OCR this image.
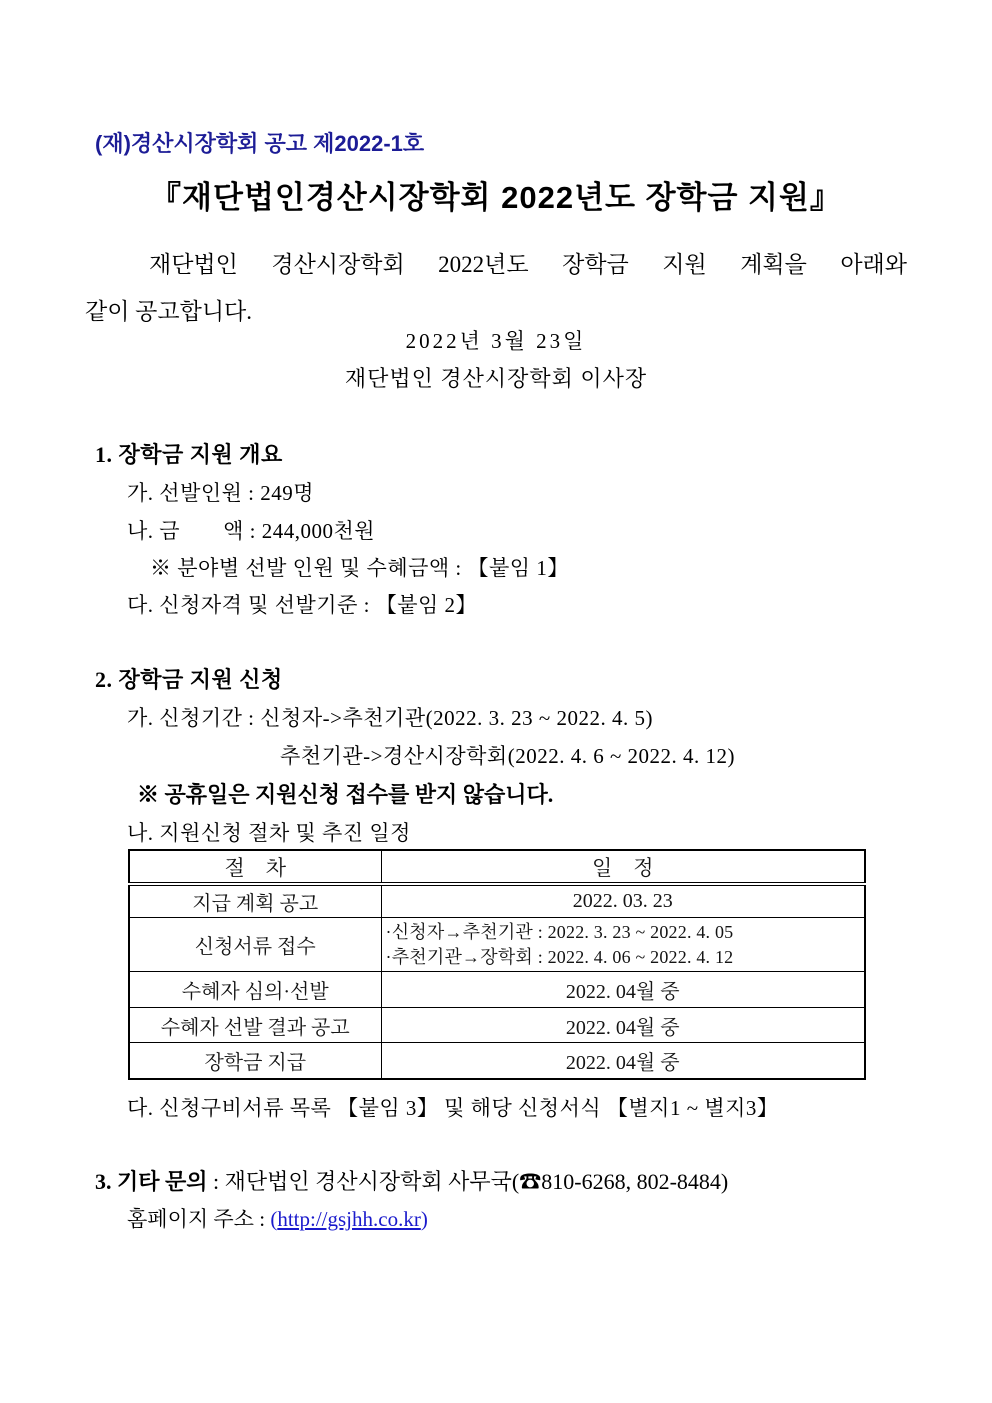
(재)경산시장학회 공고 제2022-1호
『재단법인경산시장학회 2022년도 장학금 지원』
재단법인 경산시장학회 2022년도 장학금 지원 계획을 아래와
같이 공고합니다.
2022년 3월 23일
재단법인 경산시장학회 이사장
1. 장학금 지원 개요
가. 선발인원 : 249명
나. 금　　액 : 244,000천원
※ 분야별 선발 인원 및 수혜금액 : 【붙임 1】
다. 신청자격 및 선발기준 : 【붙임 2】
2. 장학금 지원 신청
가. 신청기간 : 신청자->추천기관(2022. 3. 23 ~ 2022. 4. 5)
추천기관->경산시장학회(2022. 4. 6 ~ 2022. 4. 12)
※ 공휴일은 지원신청 접수를 받지 않습니다.
나. 지원신청 절차 및 추진 일정
절　차	일　정
지급 계획 공고	2022. 03. 23
신청서류 접수	·신청자→추천기관 : 2022. 3. 23 ~ 2022. 4. 05
·추천기관→장학회 : 2022. 4. 06 ~ 2022. 4. 12

수혜자 심의·선발	2022. 04월 중
수혜자 선발 결과 공고	2022. 04월 중
장학금 지급	2022. 04월 중
다. 신청구비서류 목록 【붙임 3】 및 해당 신청서식 【별지1 ~ 별지3】
3. 기타 문의 : 재단법인 경산시장학회 사무국(☎810-6268, 802-8484)
홈페이지 주소 : (http://gsjhh.co.kr)
